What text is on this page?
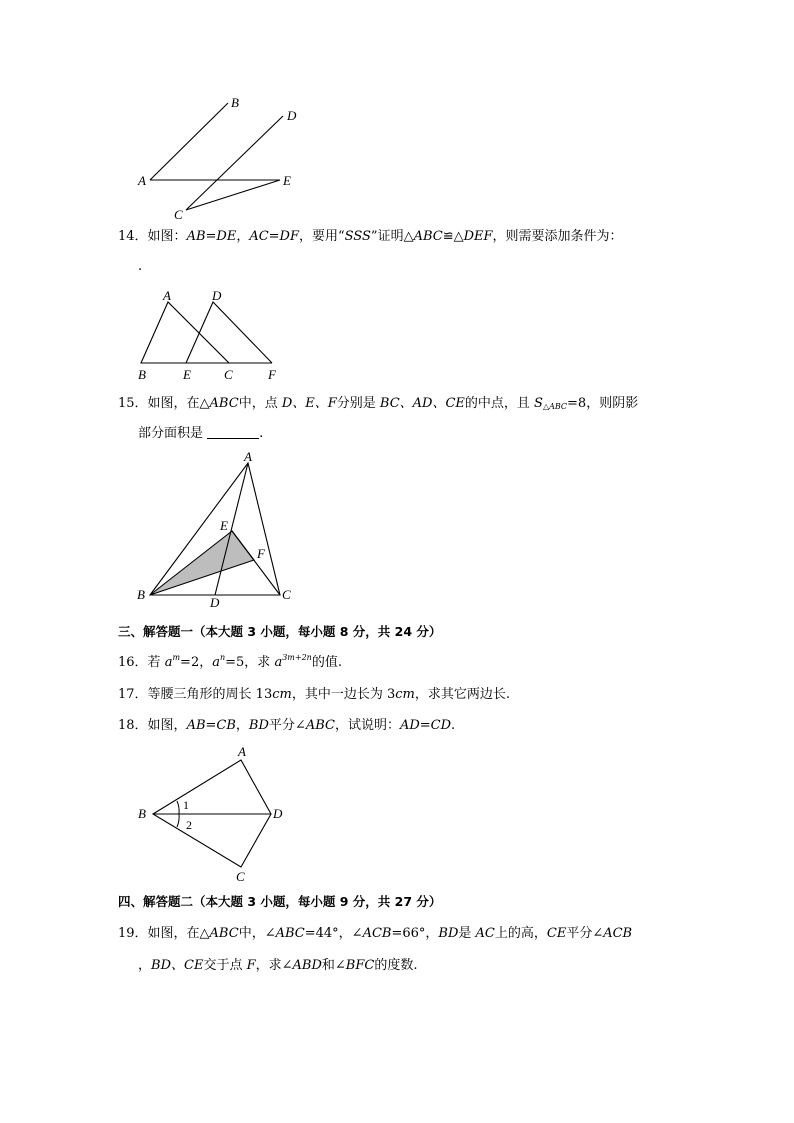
B
D
A	E
C
14．如图：AB=DE，AC=DF，要用“SSS”证明△ABC≌△DEF，则需要添加条件为：
.
A	D
B	E	C	F
15．如图，在△ABC中，点 D、E、F分别是 BC、AD、CE的中点，且 $S_{\triangle ABC}=8$，则阴影
部分面积是	.
A
E
F
B
D
C
三、解答题一（本大题 3 小题，每小题 8 分，共 24 分）
16．若 $a^m=2$，$a^n=5$，求 $a^{3m+2n}$的值.
17．等腰三角形的周长 13cm，其中一边长为 3cm，求其它两边长.
18．如图，AB=CB，BD平分∠ABC，试说明：AD=CD.
A
B	D
C
1
2
四、解答题二（本大题 3 小题，每小题 9 分，共 27 分）
19．如图，在△ABC中，∠ABC=44°，∠ACB=66°，BD是 AC上的高，CE平分∠ACB
，BD、CE交于点 F，求∠ABD和∠BFC的度数.
